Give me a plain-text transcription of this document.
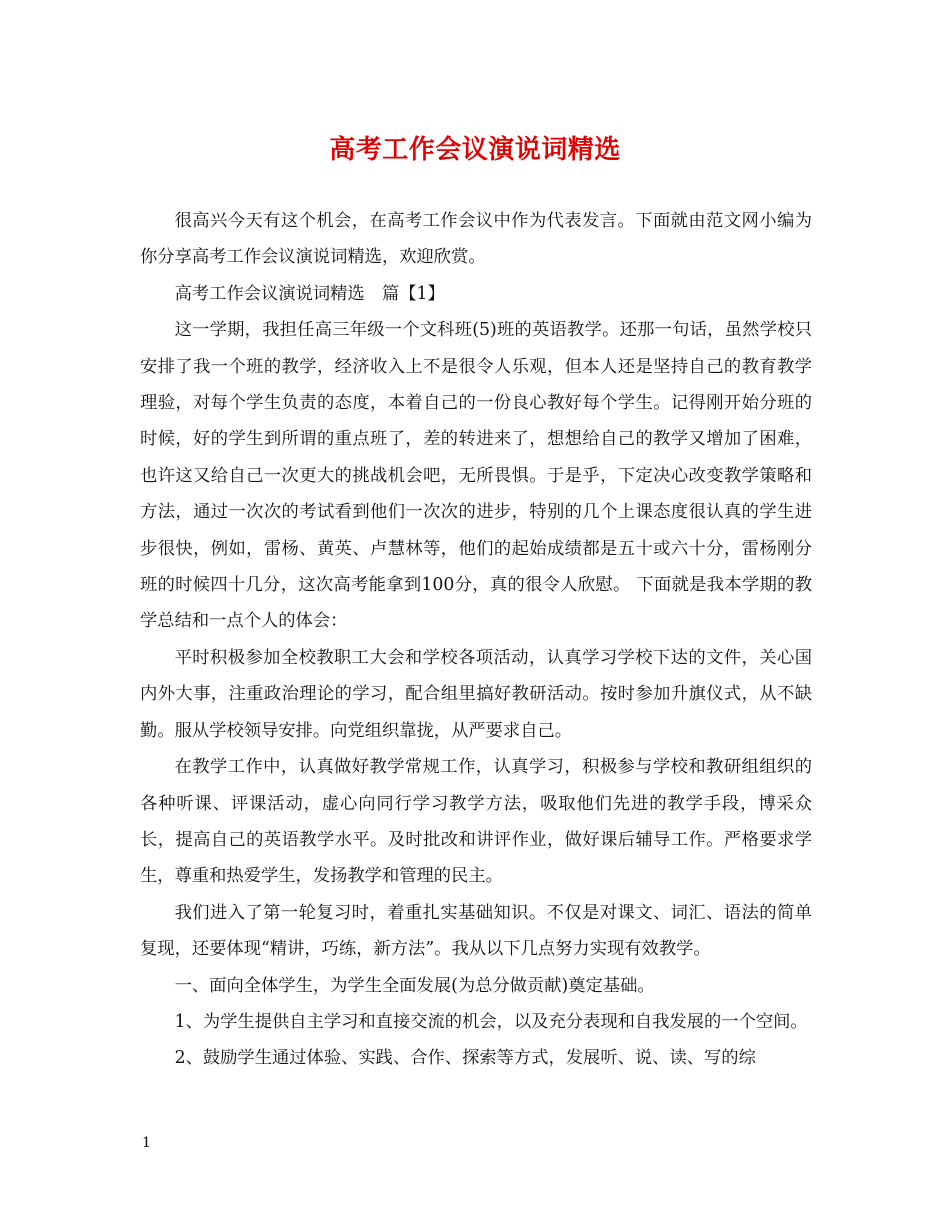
高考工作会议演说词精选

很高兴今天有这个机会，在高考工作会议中作为代表发言。下面就由范文网小编为你分享高考工作会议演说词精选，欢迎欣赏。

高考工作会议演说词精选　篇【1】

这一学期，我担任高三年级一个文科班(5)班的英语教学。还那一句话，虽然学校只安排了我一个班的教学，经济收入上不是很令人乐观，但本人还是坚持自己的教育教学理验，对每个学生负责的态度，本着自己的一份良心教好每个学生。记得刚开始分班的时候，好的学生到所谓的重点班了，差的转进来了，想想给自己的教学又增加了困难，也许这又给自己一次更大的挑战机会吧，无所畏惧。于是乎，下定决心改变教学策略和方法，通过一次次的考试看到他们一次次的进步，特别的几个上课态度很认真的学生进步很快，例如，雷杨、黄英、卢慧林等，他们的起始成绩都是五十或六十分，雷杨刚分班的时候四十几分，这次高考能拿到100分，真的很令人欣慰。 下面就是我本学期的教学总结和一点个人的体会：

平时积极参加全校教职工大会和学校各项活动，认真学习学校下达的文件，关心国内外大事，注重政治理论的学习，配合组里搞好教研活动。按时参加升旗仪式，从不缺勤。服从学校领导安排。向党组织靠拢，从严要求自己。

在教学工作中，认真做好教学常规工作，认真学习，积极参与学校和教研组组织的各种听课、评课活动，虚心向同行学习教学方法，吸取他们先进的教学手段，博采众长，提高自己的英语教学水平。及时批改和讲评作业，做好课后辅导工作。严格要求学生，尊重和热爱学生，发扬教学和管理的民主。

我们进入了第一轮复习时，着重扎实基础知识。不仅是对课文、词汇、语法的简单复现，还要体现“精讲，巧练，新方法”。我从以下几点努力实现有效教学。

一、面向全体学生，为学生全面发展(为总分做贡献)奠定基础。

1、为学生提供自主学习和直接交流的机会，以及充分表现和自我发展的一个空间。

2、鼓励学生通过体验、实践、合作、探索等方式，发展听、说、读、写的综

1
